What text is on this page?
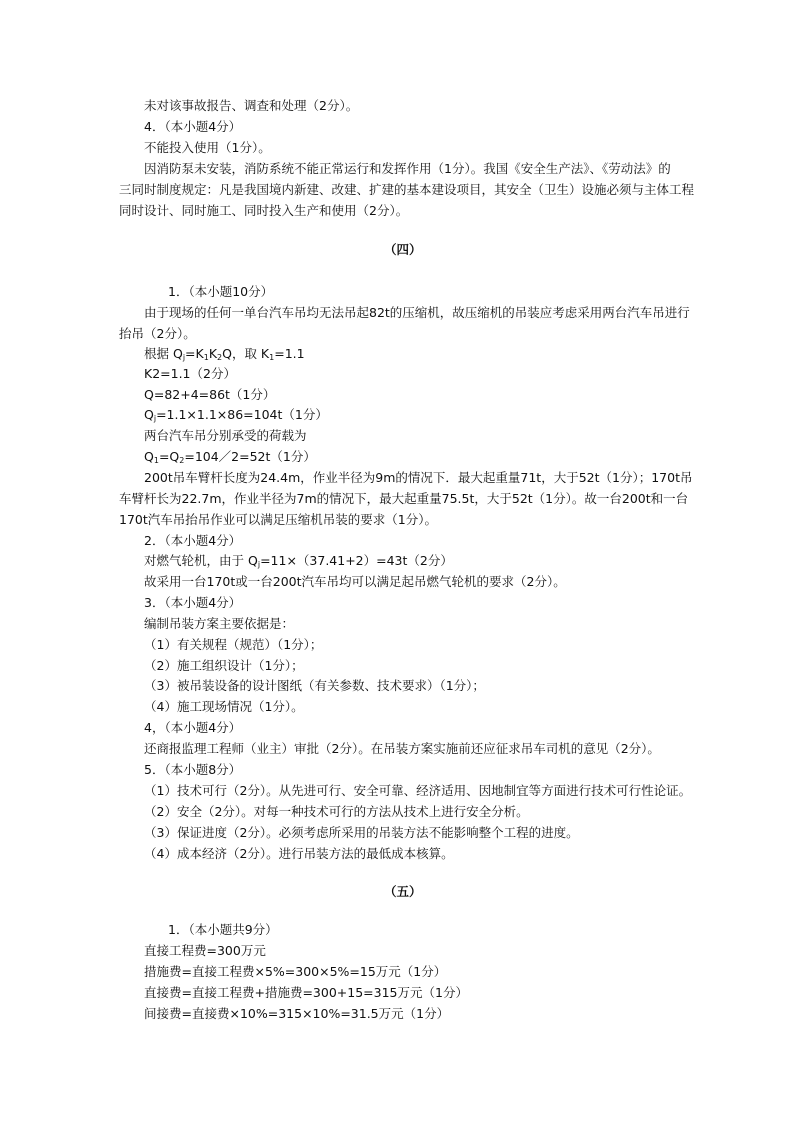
未对该事故报告、调查和处理（2分）。
4．（本小题4分）
不能投入使用（1分）。
因消防泵未安装，消防系统不能正常运行和发挥作用（1分）。我国《安全生产法》、《劳动法》的
三同时制度规定：凡是我国境内新建、改建、扩建的基本建设项目，其安全（卫生）设施必须与主体工程
同时设计、同时施工、同时投入生产和使用（2分）。
（四）
1．（本小题10分）
由于现场的任何一单台汽车吊均无法吊起82t的压缩机，故压缩机的吊装应考虑采用两台汽车吊进行
抬吊（2分）。
根据 $Q_j=K_1K_2Q$，取 $K_1=1.1$
K2=1.1（2分）
Q=82+4=86t（1分）
$Q_j=1.1\times 1.1\times 86=104t(1$分）
两台汽车吊分别承受的荷载为
$Q_1=Q_2=104/2=52t(1$分）
200t吊车臂杆长度为24.4m，作业半径为9m的情况下．最大起重量71t，大于52t（1分）；170t吊
车臂杆长为22.7m，作业半径为7m的情况下，最大起重量75.5t，大于52t（1分）。故一台200t和一台
170t汽车吊抬吊作业可以满足压缩机吊装的要求（1分）。
2．（本小题4分）
对燃气轮机，由于 $Q_j=11\times(37.41+2)=43t(2$分）
故采用一台170t或一台200t汽车吊均可以满足起吊燃气轮机的要求（2分）。
3．（本小题4分）
编制吊装方案主要依据是：
（1）有关规程（规范）（1分）；
（2）施工组织设计（1分）；
（3）被吊装设备的设计图纸（有关参数、技术要求）（1分）；
（4）施工现场情况（1分）。
4，（本小题4分）
还商报监理工程师（业主）审批（2分）。在吊装方案实施前还应征求吊车司机的意见（2分）。
5．（本小题8分）
（1）技术可行（2分）。从先进可行、安全可靠、经济适用、因地制宜等方面进行技术可行性论证。
（2）安全（2分）。对每一种技术可行的方法从技术上进行安全分析。
（3）保证进度（2分）。必须考虑所采用的吊装方法不能影响整个工程的进度。
（4）成本经济（2分）。进行吊装方法的最低成本核算。
（五）
1．（本小题共9分）
直接工程费=300万元
措施费=直接工程费×5%=300×5%=15万元（1分）
直接费=直接工程费+措施费=300+15=315万元（1分）
间接费=直接费×10%=315×10%=31.5万元（1分）
